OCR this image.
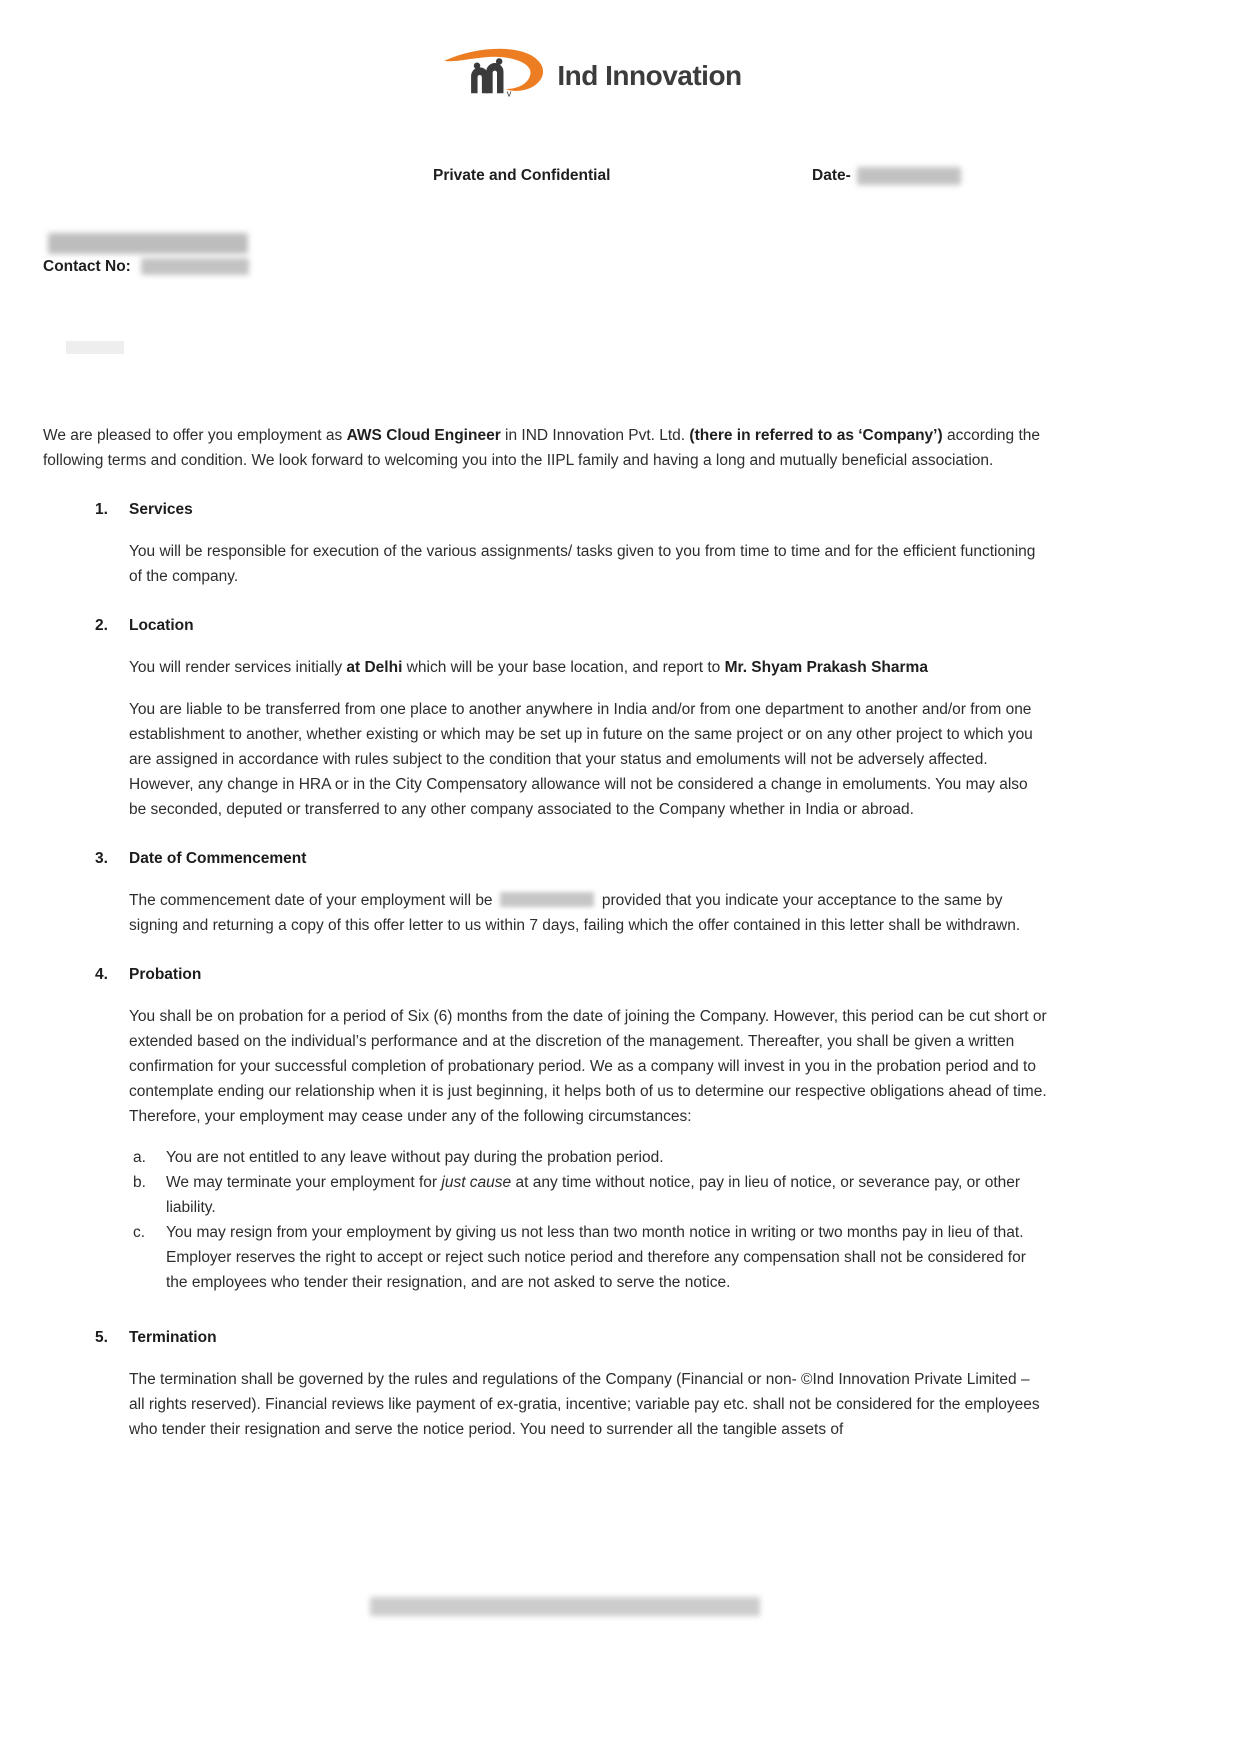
v
Ind Innovation
Private and Confidential	Date-
Contact No:

We are pleased to offer you employment as AWS Cloud Engineer in IND Innovation Pvt. Ltd. (there in referred to as ‘Company’) according the following terms and condition. We look forward to welcoming you into the IIPL family and having a long and mutually beneficial association.

1.	Services

You will be responsible for execution of the various assignments/ tasks given to you from time to time and for the efficient functioning of the company.

2.	Location

You will render services initially at Delhi which will be your base location, and report to Mr. Shyam Prakash Sharma

You are liable to be transferred from one place to another anywhere in India and/or from one department to another and/or from one establishment to another, whether existing or which may be set up in future on the same project or on any other project to which you are assigned in accordance with rules subject to the condition that your status and emoluments will not be adversely affected. However, any change in HRA or in the City Compensatory allowance will not be considered a change in emoluments. You may also be seconded, deputed or transferred to any other company associated to the Company whether in India or abroad.

3.	Date of Commencement

The commencement date of your employment will be	provided that you indicate your acceptance to the same by signing and returning a copy of this offer letter to us within 7 days, failing which the offer contained in this letter shall be withdrawn.

4.	Probation

You shall be on probation for a period of Six (6) months from the date of joining the Company. However, this period can be cut short or extended based on the individual’s performance and at the discretion of the management. Thereafter, you shall be given a written confirmation for your successful completion of probationary period. We as a company will invest in you in the probation period and to contemplate ending our relationship when it is just beginning, it helps both of us to determine our respective obligations ahead of time. Therefore, your employment may cease under any of the following circumstances:

a.	You are not entitled to any leave without pay during the probation period.
b.	We may terminate your employment for just cause at any time without notice, pay in lieu of notice, or severance pay, or other liability.
c.	You may resign from your employment by giving us not less than two month notice in writing or two months pay in lieu of that. Employer reserves the right to accept or reject such notice period and therefore any compensation shall not be considered for the employees who tender their resignation, and are not asked to serve the notice.
5.	Termination

The termination shall be governed by the rules and regulations of the Company (Financial or non- ©Ind Innovation Private Limited – all rights reserved). Financial reviews like payment of ex-gratia, incentive; variable pay etc. shall not be considered for the employees who tender their resignation and serve the notice period. You need to surrender all the tangible assets of
